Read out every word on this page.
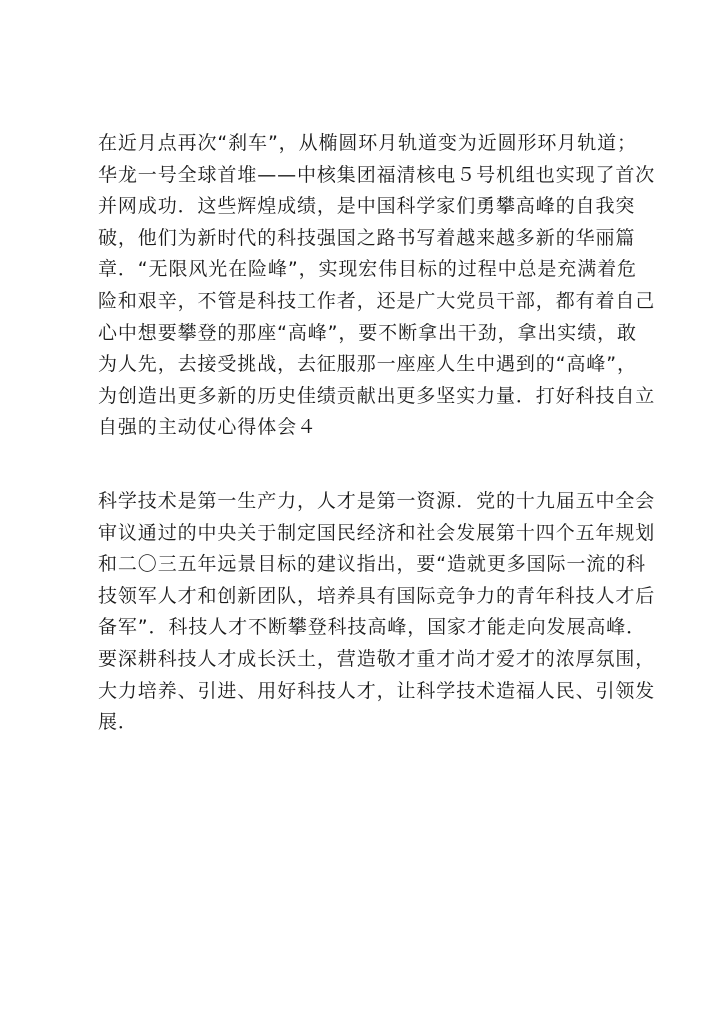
在近月点再次“刹车”，从椭圆环月轨道变为近圆形环月轨道；
华龙一号全球首堆——中核集团福清核电５号机组也实现了首次
并网成功．这些辉煌成绩，是中国科学家们勇攀高峰的自我突
破，他们为新时代的科技强国之路书写着越来越多新的华丽篇
章．“无限风光在险峰”，实现宏伟目标的过程中总是充满着危
险和艰辛，不管是科技工作者，还是广大党员干部，都有着自己
心中想要攀登的那座“高峰”，要不断拿出干劲，拿出实绩，敢
为人先，去接受挑战，去征服那一座座人生中遇到的“高峰”，
为创造出更多新的历史佳绩贡献出更多坚实力量．打好科技自立
自强的主动仗心得体会４

科学技术是第一生产力，人才是第一资源．党的十九届五中全会
审议通过的中央关于制定国民经济和社会发展第十四个五年规划
和二〇三五年远景目标的建议指出，要“造就更多国际一流的科
技领军人才和创新团队，培养具有国际竞争力的青年科技人才后
备军”．科技人才不断攀登科技高峰，国家才能走向发展高峰．
要深耕科技人才成长沃土，营造敬才重才尚才爱才的浓厚氛围，
大力培养、引进、用好科技人才，让科学技术造福人民、引领发
展．
